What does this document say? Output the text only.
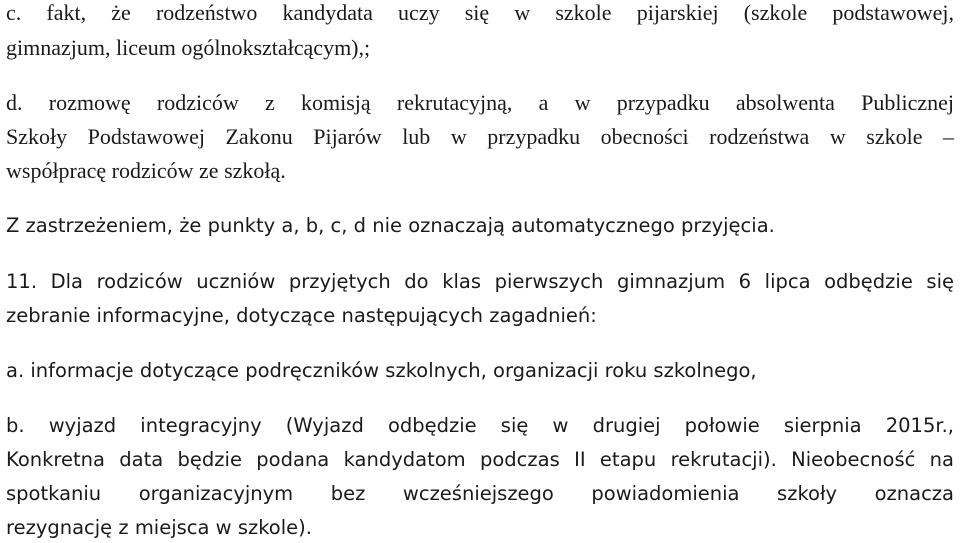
c. fakt, że rodzeństwo kandydata uczy się w szkole pijarskiej (szkole podstawowej,
gimnazjum, liceum ogólnokształcącym),;
d. rozmowę rodziców z komisją rekrutacyjną, a w przypadku absolwenta Publicznej
Szkoły Podstawowej Zakonu Pijarów lub w przypadku obecności rodzeństwa w szkole –
współpracę rodziców ze szkołą.
Z zastrzeżeniem, że punkty a, b, c, d nie oznaczają automatycznego przyjęcia.
11. Dla rodziców uczniów przyjętych do klas pierwszych gimnazjum 6 lipca odbędzie się
zebranie informacyjne, dotyczące następujących zagadnień:
a. informacje dotyczące podręczników szkolnych, organizacji roku szkolnego,
b. wyjazd integracyjny (Wyjazd odbędzie się w drugiej połowie sierpnia 2015r.,
Konkretna data będzie podana kandydatom podczas II etapu rekrutacji). Nieobecność na
spotkaniu organizacyjnym bez wcześniejszego powiadomienia szkoły oznacza
rezygnację z miejsca w szkole).
